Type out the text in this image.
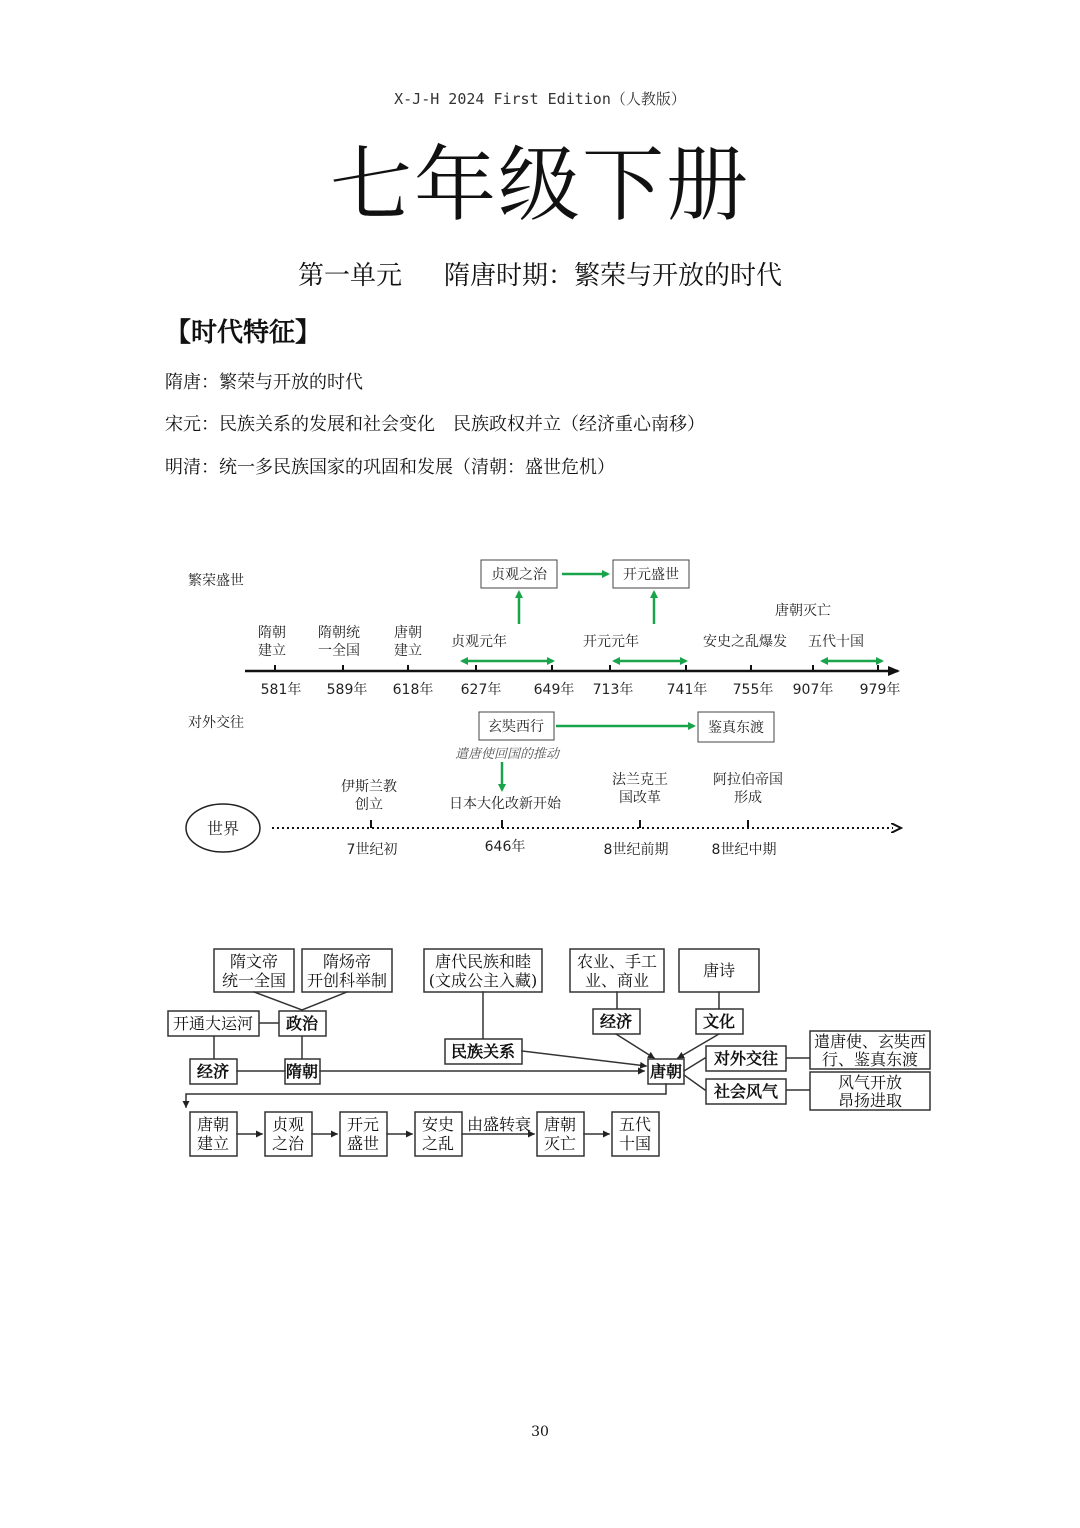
X-J-H 2024 First Edition（人教版）
七年级下册
第一单元 隋唐时期：繁荣与开放的时代
【时代特征】
隋唐：繁荣与开放的时代
宋元：民族关系的发展和社会变化　民族政权并立（经济重心南移）
明清：统一多民族国家的巩固和发展（清朝：盛世危机）
繁荣盛世
对外交往
贞观之治	开元盛世
唐朝灭亡
隋朝
建立
隋朝统
一全国
唐朝
建立
贞观元年	开元元年	安史之乱爆发 五代十国
581年 589年 618年 627年 649年 713年 741年 755年 907年 979年
玄奘西行	鉴真东渡
遣唐使回国的推动
伊斯兰教
创立	日本大化改新开始
法兰克王
国改革
阿拉伯帝国
形成
世界
7世纪初	646年	8世纪前期	8世纪中期
隋文帝
统一全国
隋炀帝
开创科举制
唐代民族和睦
(文成公主入藏)
农业、手工
业、商业
唐诗
开通大运河 政治	经济	文化
民族关系
经济	隋朝	唐朝
对外交往
社会风气
遣唐使、玄奘西
行、鉴真东渡
风气开放
昂扬进取
唐朝
建立
贞观
之治
开元
盛世
安史
之乱
唐朝
灭亡
五代
十国
由盛转衰
30
